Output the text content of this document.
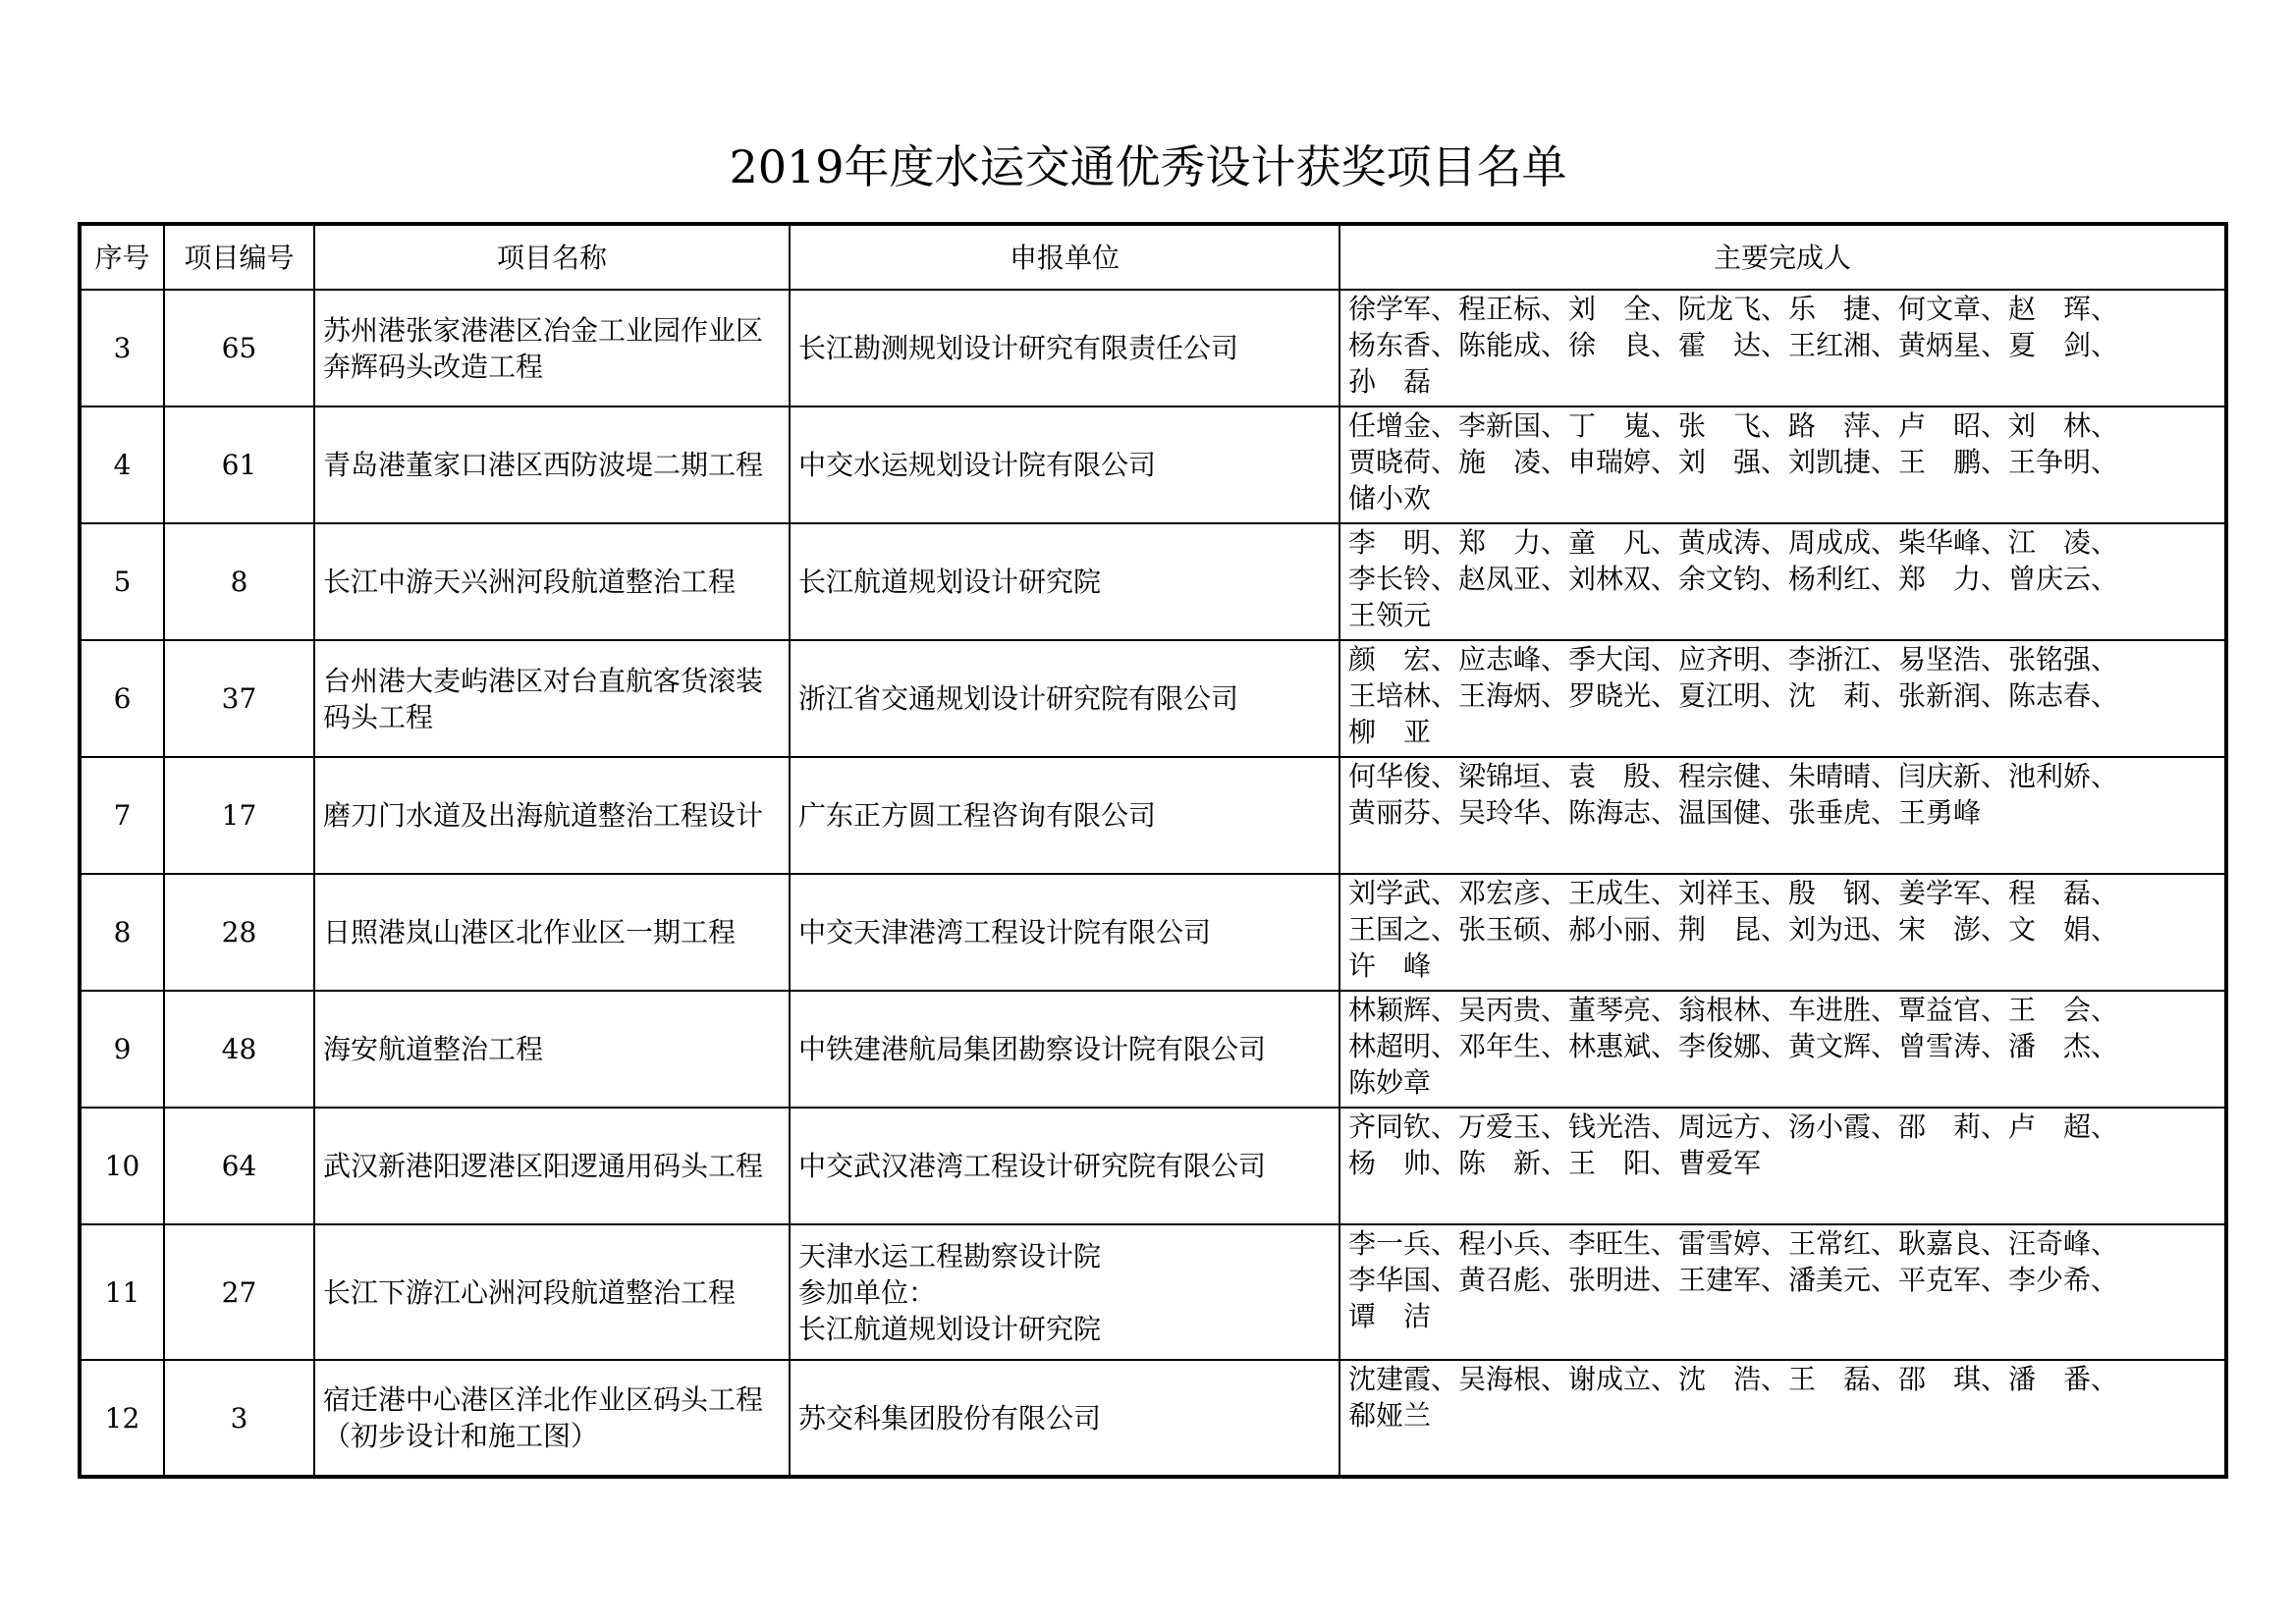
2019年度水运交通优秀设计获奖项目名单
序号	项目编号	项目名称	申报单位	主要完成人
3	65	苏州港张家港港区冶金工业园作业区奔辉码头改造工程	长江勘测规划设计研究有限责任公司	徐学军、程正标、刘　全、阮龙飞、乐　捷、何文章、赵　珲、
杨东香、陈能成、徐　良、霍　达、王红湘、黄炳星、夏　剑、
孙　磊

4	61	青岛港董家口港区西防波堤二期工程	中交水运规划设计院有限公司	任增金、李新国、丁　嵬、张　飞、路　萍、卢　昭、刘　林、
贾晓荷、施　凌、申瑞婷、刘　强、刘凯捷、王　鹏、王争明、
储小欢

5	8	长江中游天兴洲河段航道整治工程	长江航道规划设计研究院	李　明、郑　力、童　凡、黄成涛、周成成、柴华峰、江　凌、
李长铃、赵凤亚、刘林双、余文钧、杨利红、郑　力、曾庆云、
王领元

6	37	台州港大麦屿港区对台直航客货滚装码头工程	浙江省交通规划设计研究院有限公司	颜　宏、应志峰、季大闰、应齐明、李浙江、易坚浩、张铭强、
王培林、王海炳、罗晓光、夏江明、沈　莉、张新润、陈志春、
柳　亚

7	17	磨刀门水道及出海航道整治工程设计	广东正方圆工程咨询有限公司	何华俊、梁锦垣、袁　殷、程宗健、朱晴晴、闫庆新、池利娇、
黄丽芬、吴玲华、陈海志、温国健、张垂虎、王勇峰

8	28	日照港岚山港区北作业区一期工程	中交天津港湾工程设计院有限公司	刘学武、邓宏彦、王成生、刘祥玉、殷　钢、姜学军、程　磊、
王国之、张玉硕、郝小丽、荆　昆、刘为迅、宋　澎、文　娟、
许　峰

9	48	海安航道整治工程	中铁建港航局集团勘察设计院有限公司	林颖辉、吴丙贵、董琴亮、翁根林、车进胜、覃益官、王　会、
林超明、邓年生、林惠斌、李俊娜、黄文辉、曾雪涛、潘　杰、
陈妙章

10	64	武汉新港阳逻港区阳逻通用码头工程	中交武汉港湾工程设计研究院有限公司	齐同钦、万爱玉、钱光浩、周远方、汤小霞、邵　莉、卢　超、
杨　帅、陈　新、王　阳、曹爱军

11	27	长江下游江心洲河段航道整治工程	天津水运工程勘察设计院
参加单位：
长江航道规划设计研究院	李一兵、程小兵、李旺生、雷雪婷、王常红、耿嘉良、汪奇峰、
李华国、黄召彪、张明进、王建军、潘美元、平克军、李少希、
谭　洁

12	3	宿迁港中心港区洋北作业区码头工程（初步设计和施工图）	苏交科集团股份有限公司	沈建霞、吴海根、谢成立、沈　浩、王　磊、邵　琪、潘　番、
郗娅兰
